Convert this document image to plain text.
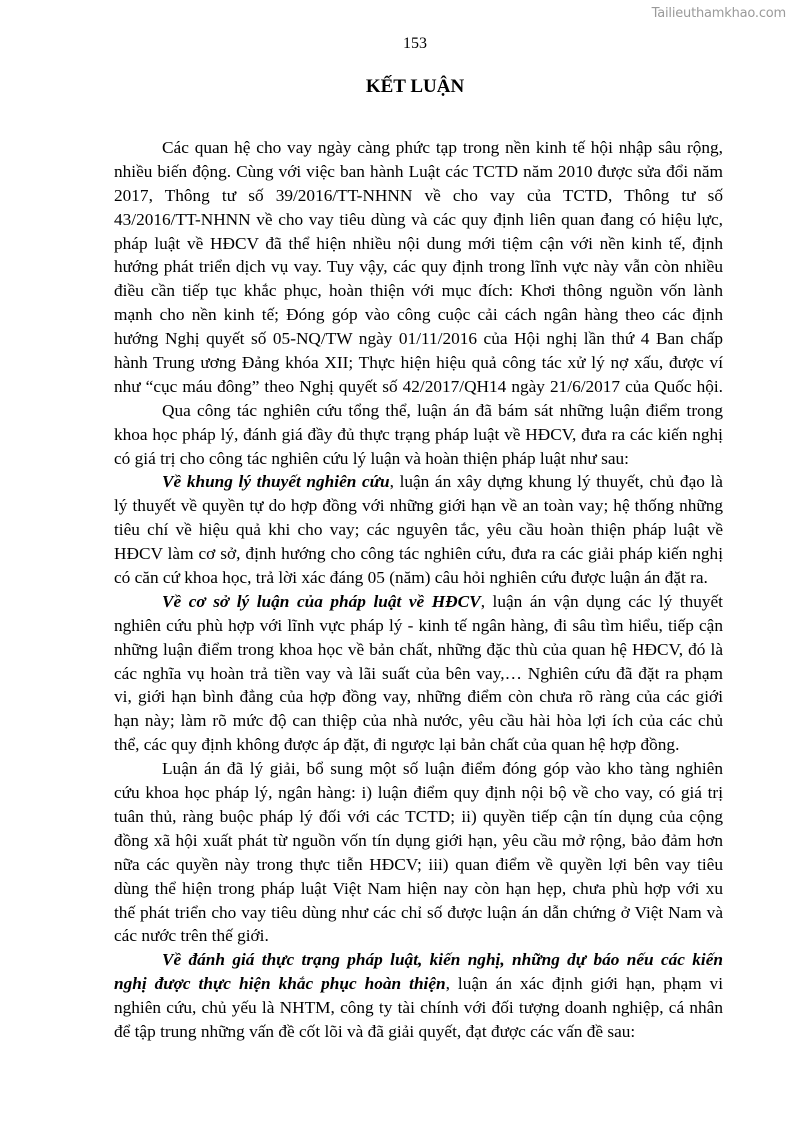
Tailieuthamkhao.com
153
KẾT LUẬN
Các quan hệ cho vay ngày càng phức tạp trong nền kinh tế hội nhập sâu rộng,
nhiều biến động. Cùng với việc ban hành Luật các TCTD năm 2010 được sửa đổi năm
2017, Thông tư số 39/2016/TT-NHNN về cho vay của TCTD, Thông tư số
43/2016/TT-NHNN về cho vay tiêu dùng và các quy định liên quan đang có hiệu lực,
pháp luật về HĐCV đã thể hiện nhiều nội dung mới tiệm cận với nền kinh tế, định
hướng phát triển dịch vụ vay. Tuy vậy, các quy định trong lĩnh vực này vẫn còn nhiều
điều cần tiếp tục khắc phục, hoàn thiện với mục đích: Khơi thông nguồn vốn lành
mạnh cho nền kinh tế; Đóng góp vào công cuộc cải cách ngân hàng theo các định
hướng Nghị quyết số 05-NQ/TW ngày 01/11/2016 của Hội nghị lần thứ 4 Ban chấp
hành Trung ương Đảng khóa XII; Thực hiện hiệu quả công tác xử lý nợ xấu, được ví
như “cục máu đông” theo Nghị quyết số 42/2017/QH14 ngày 21/6/2017 của Quốc hội.
Qua công tác nghiên cứu tổng thể, luận án đã bám sát những luận điểm trong
khoa học pháp lý, đánh giá đầy đủ thực trạng pháp luật về HĐCV, đưa ra các kiến nghị
có giá trị cho công tác nghiên cứu lý luận và hoàn thiện pháp luật như sau:
Về khung lý thuyết nghiên cứu, luận án xây dựng khung lý thuyết, chủ đạo là
lý thuyết về quyền tự do hợp đồng với những giới hạn về an toàn vay; hệ thống những
tiêu chí về hiệu quả khi cho vay; các nguyên tắc, yêu cầu hoàn thiện pháp luật về
HĐCV làm cơ sở, định hướng cho công tác nghiên cứu, đưa ra các giải pháp kiến nghị
có căn cứ khoa học, trả lời xác đáng 05 (năm) câu hỏi nghiên cứu được luận án đặt ra.
Về cơ sở lý luận của pháp luật về HĐCV, luận án vận dụng các lý thuyết
nghiên cứu phù hợp với lĩnh vực pháp lý - kinh tế ngân hàng, đi sâu tìm hiểu, tiếp cận
những luận điểm trong khoa học về bản chất, những đặc thù của quan hệ HĐCV, đó là
các nghĩa vụ hoàn trả tiền vay và lãi suất của bên vay,… Nghiên cứu đã đặt ra phạm
vi, giới hạn bình đẳng của hợp đồng vay, những điểm còn chưa rõ ràng của các giới
hạn này; làm rõ mức độ can thiệp của nhà nước, yêu cầu hài hòa lợi ích của các chủ
thể, các quy định không được áp đặt, đi ngược lại bản chất của quan hệ hợp đồng.
Luận án đã lý giải, bổ sung một số luận điểm đóng góp vào kho tàng nghiên
cứu khoa học pháp lý, ngân hàng: i) luận điểm quy định nội bộ về cho vay, có giá trị
tuân thủ, ràng buộc pháp lý đối với các TCTD; ii) quyền tiếp cận tín dụng của cộng
đồng xã hội xuất phát từ nguồn vốn tín dụng giới hạn, yêu cầu mở rộng, bảo đảm hơn
nữa các quyền này trong thực tiễn HĐCV; iii) quan điểm về quyền lợi bên vay tiêu
dùng thể hiện trong pháp luật Việt Nam hiện nay còn hạn hẹp, chưa phù hợp với xu
thế phát triển cho vay tiêu dùng như các chỉ số được luận án dẫn chứng ở Việt Nam và
các nước trên thế giới.
Về đánh giá thực trạng pháp luật, kiến nghị, những dự báo nếu các kiến
nghị được thực hiện khắc phục hoàn thiện, luận án xác định giới hạn, phạm vi
nghiên cứu, chủ yếu là NHTM, công ty tài chính với đối tượng doanh nghiệp, cá nhân
để tập trung những vấn đề cốt lõi và đã giải quyết, đạt được các vấn đề sau:
